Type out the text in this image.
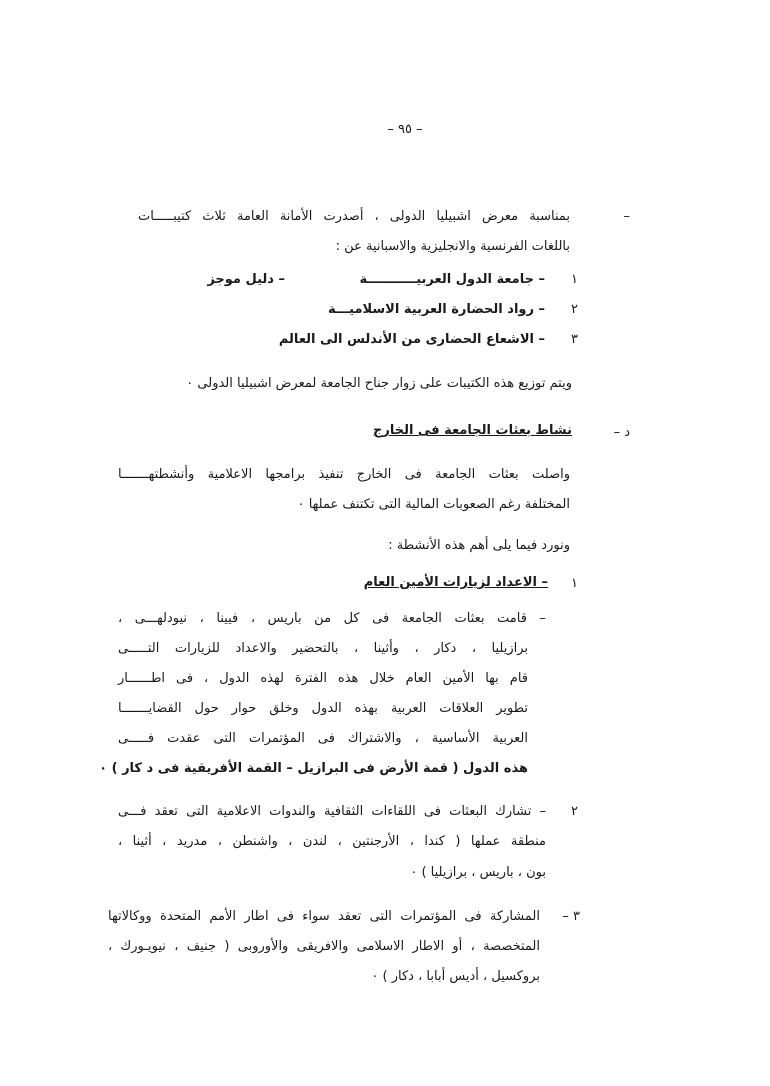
– ٩٥ –
–
بمناسبة معرض اشبيليا الدولى ، أصدرت الأمانة العامة ثلاث كتيبـــــات
باللغات الفرنسية والانجليزية والاسبانية عن :
١
– جامعة الدول العربيـــــــــــة
– دليل موجز
٢
– رواد الحضارة العربية الاسلاميـــة
٣
– الاشعاع الحضارى من الأندلس الى العالم
ويتم توزيع هذه الكتيبات على زوار جناح الجامعة لمعرض اشبيليا الدولى ٠
د –
نشاط بعثات الجامعة فى الخارج
واصلت بعثات الجامعة فى الخارج تنفيذ برامجها الاعلامية وأنشطتهـــــــا
المختلفة رغم الصعوبات المالية التى تكتنف عملها ٠
ونورد فيما يلى أهم هذه الأنشطة :
١
– الاعداد لزيارات الأمين العام
– قامت بعثات الجامعة فى كل من باريس ، فيينا ، نيودلهـــى ،
برازيليا ، دكار ، وأثينا ، بالتحضير والاعداد للزيارات التـــــى
قام بها الأمين العام خلال هذه الفترة لهذه الدول ، فى اطــــــار
تطوير العلاقات العربية بهذه الدول وخلق حوار حول القضايـــــــا
العربية الأساسية ، والاشتراك فى المؤتمرات التى عقدت فـــــى
هذه الدول ( قمة الأرض فى البرازيل – القمة الأفريقية فى د كار ) ٠
٢
– تشارك البعثات فى اللقاءات الثقافية والندوات الاعلامية التى تعقد فـــى
منطقة عملها ( كندا ، الأرجنتين ، لندن ، واشنطن ، مدريد ، أثينا ،
بون ، باريس ، برازيليا ) ٠
٣ –
المشاركة فى المؤتمرات التى تعقد سواء فى اطار الأمم المتحدة ووكالاتها
المتخصصة ، أو الاطار الاسلامى والافريقى والأوروبى ( جنيف ، نيويـورك ،
بروكسيل ، أديس أبابا ، دكار ) ٠
